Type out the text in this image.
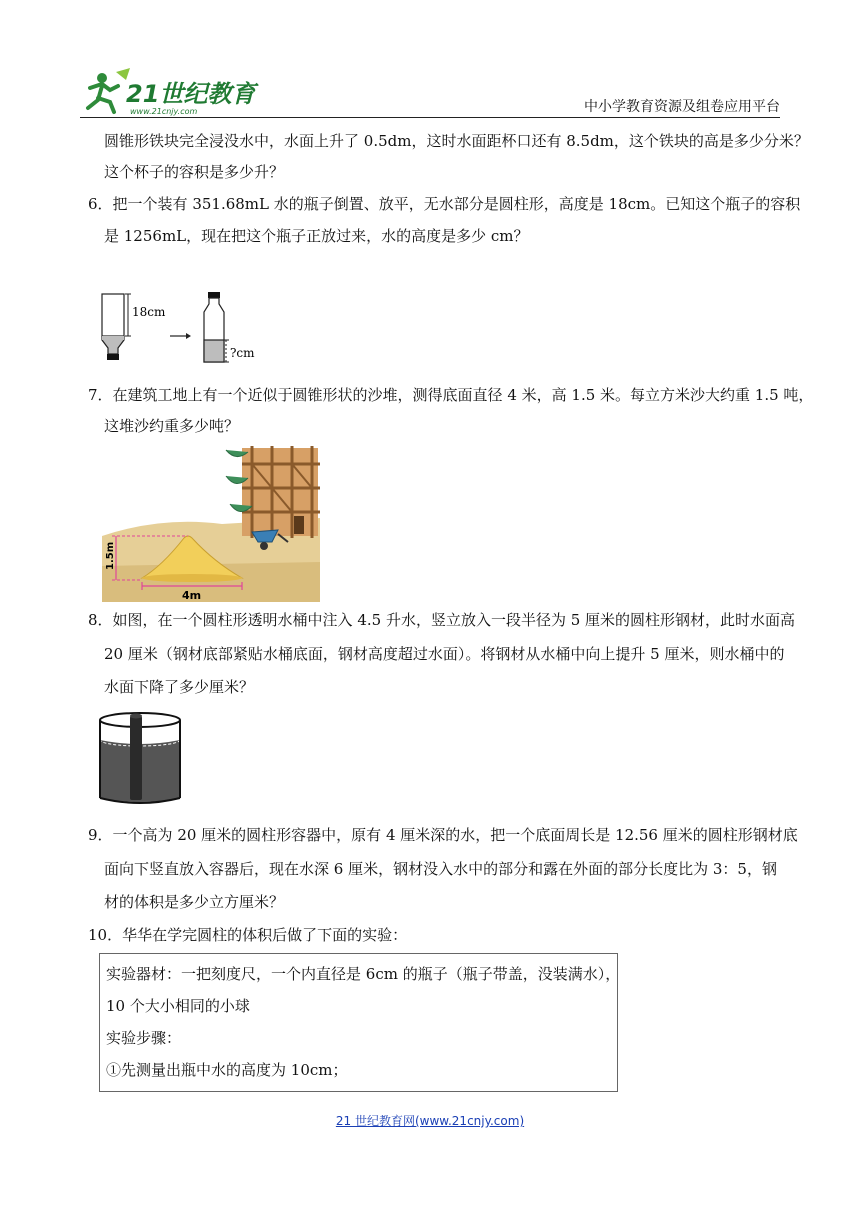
21世纪教育
www.21cnjy.com	中小学教育资源及组卷应用平台
圆锥形铁块完全浸没水中，水面上升了 0.5dm，这时水面距杯口还有 8.5dm，这个铁块的高是多少分米？
这个杯子的容积是多少升？
6．把一个装有 351.68mL 水的瓶子倒置、放平，无水部分是圆柱形，高度是 18cm。已知这个瓶子的容积
是 1256mL，现在把这个瓶子正放过来，水的高度是多少 cm？
18cm
?cm
7．在建筑工地上有一个近似于圆锥形状的沙堆，测得底面直径 4 米，高 1.5 米。每立方米沙大约重 1.5 吨，
这堆沙约重多少吨？
1.5m
4m
8．如图，在一个圆柱形透明水桶中注入 4.5 升水，竖立放入一段半径为 5 厘米的圆柱形钢材，此时水面高
20 厘米（钢材底部紧贴水桶底面，钢材高度超过水面）。将钢材从水桶中向上提升 5 厘米，则水桶中的
水面下降了多少厘米？
9．一个高为 20 厘米的圆柱形容器中，原有 4 厘米深的水，把一个底面周长是 12.56 厘米的圆柱形钢材底
面向下竖直放入容器后，现在水深 6 厘米，钢材没入水中的部分和露在外面的部分长度比为 3：5，钢
材的体积是多少立方厘米？
10．华华在学完圆柱的体积后做了下面的实验：
实验器材：一把刻度尺，一个内直径是 6cm 的瓶子（瓶子带盖，没装满水），
10 个大小相同的小球
实验步骤：
①先测量出瓶中水的高度为 10cm；
21 世纪教育网(www.21cnjy.com)
